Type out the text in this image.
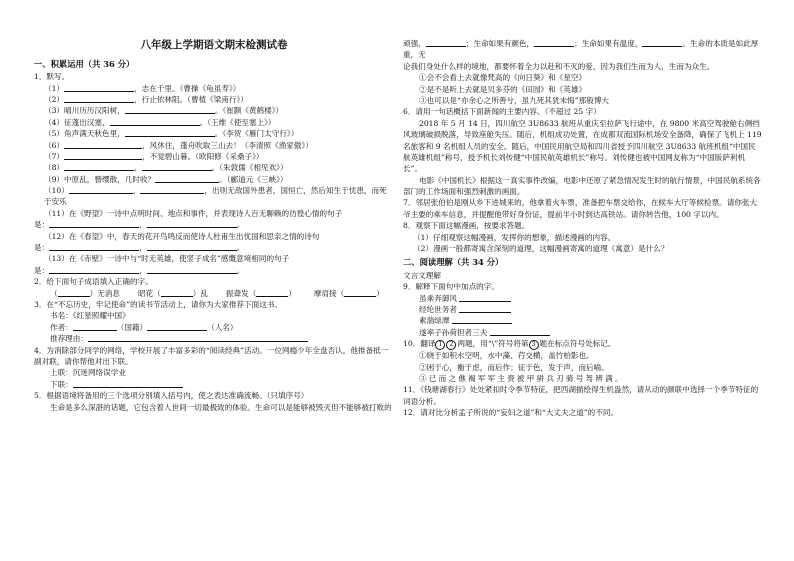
八年级上学期语文期末检测试卷
一、积累运用（共 36 分）
1．默写。
（1）	，志在千里。（曹操《龟虽寿》）
（2）	，行止依林阻。（曹植《梁甫行》）
（3）晴川历历汉阳树，	。（崔颢《黄鹤楼》）
（4）征蓬出汉塞，	。（王维《使至塞上》）
（5）角声满天秋色里，	。（李贺《雁门太守行》）
（6）	，风休住，蓬舟吹取三山去！（李清照《渔家傲》）
（7）	，不觉碧山暮。（欧阳修《采桑子》）
（8）	，	。（朱敦儒《相见欢》）
（9）中原乱，簪缨散，几时收？	。（郦道元《三峡》）
（10）	，	，出则无敌国外患者，国恒亡，然后知生于忧患，而死于安乐
（11）在《野望》一诗中点明时间、地点和事件，并表现诗人百无聊赖的彷徨心情的句子
是：	，	。
（12）在《春望》中，春天的花开鸟鸣反而使诗人杜甫生出忧国和思亲之情的诗句
是：	，	。
（13）在《赤壁》一诗中与“时无英雄，使竖子成名”感慨意境相同的句子
是：	，	。
2．给下面句子成语填入正确的字。
（	）无消息 昭花（	）乱 振聋发（	） 摩肩接（	）
3．在“不忘历史，牢记使命”的读书节活动上，请你为大家推荐下面这书。
书名：《红星照耀中国》
作者：	（国籍）	（人名）
推荐理由：
4．为消除部分同学的网络，学校开展了丰富多彩的“阅读经典”活动。一位网瘾少年全盘否认，他推备抵一副对联，请你帮他对出下联。
上联：沉迷网络误学业
下联：
5．根据语境将备用的三个选项分别填入括号内，使之表达准确流畅。（只填序号）
生命是多么深湛的话题，它包含着人世间一切最极致的体验。生命可以是能够被毁灭但不能够被打败的
顽强，	；生命如果有颜色，	；生命如果有温度，	。生命的本质是如此厚重，无
论我们身处什么样的境地，都要怀着全力以赴和不灭的爱，因为我们生而为人，生而为众生。
①会不会看上去就像梵高的《向日葵》和《星空》
②是不是听上去就是贝多芬的《田园》和《英雄》
③也可以是“亦余心之所善兮，虽九死其犹未悔”那般博大
6．请用一句话概括下面新闻的主要内容。（不超过 25 字）
2018 年 5 月 14 日，四川航空 3U8633 航班从重庆至拉萨飞行途中，在 9800 米高空驾驶舱右侧挡风玻璃破损脱落，导致座舱失压。随后，机组成功处置，在成都双流国际机场安全备降，确保了飞机上 119 名旅客和 9 名机组人员的安全。随后，中国民用航空局和四川省授予四川航空 3U8633 航班机组“中国民航英雄机组”称号，授予机长刘传健“中国民航英雄机长”称号。刘传健也被中国网友称为“中国版萨利机长”。
电影《中国机长》根据这一真实事件改编，电影中还原了紧急情况发生时的航行情景，中国民航系统各部门的工作场面和强烈刺激的画面。
7．邻居张伯伯是刚从乡下进城来的，他拿着火车票，准备把车票交给你，在候车大厅等候检票。请你张大爷主要的乘车信息，并提醒他带好身份证，提前半小时到达高铁站。请你转告他，100 字以内。
8．观察下面这幅漫画，按要求答题。
（1）仔细观察这幅漫画，发挥你的想象，描述漫画的内容。
（2）漫画一般都寄寓含深刻的道理，这幅漫画寄寓的道理（寓意）是什么？
二、阅读理解（共 34 分）
文言文理解
9．解释下面句中加点的字。
虽乘奔御风
经纶世务者
素湍绿潭
遂率子孙荷担者三夫
10．翻译 1 2 两题，用“\”符号将第 3 题在标点符号处标记。
①晓于如积水空明，水中藻、荇交横，盖竹柏影也。
②困于心，衡于虑，而后作；征于色，发于声，而后喻。
③已而之僬褐军军主赍被甲骈兵刃骑号驾辨满。
11．《钱塘湖春行》处处紧扣时令季节特征，把西湖描绘得生机盎然，请从动的颜联中选择一个季节特征的词语分析。
12．请对比分析孟子所说的“妄妇之道”和“大丈夫之道”的不同。
